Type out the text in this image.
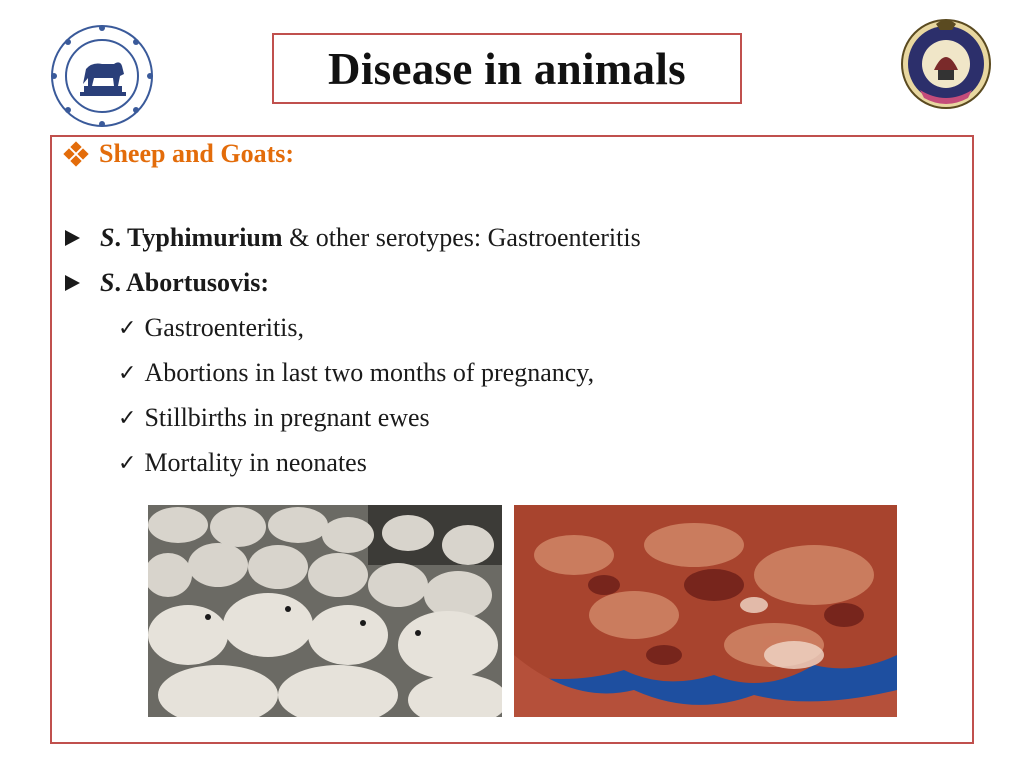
Disease in animals
Sheep and Goats:
S. Typhimurium & other serotypes: Gastroenteritis
S. Abortusovis:
✓ Gastroenteritis,
✓ Abortions in last two months of pregnancy,
✓ Stillbirths in pregnant ewes
✓ Mortality in neonates
